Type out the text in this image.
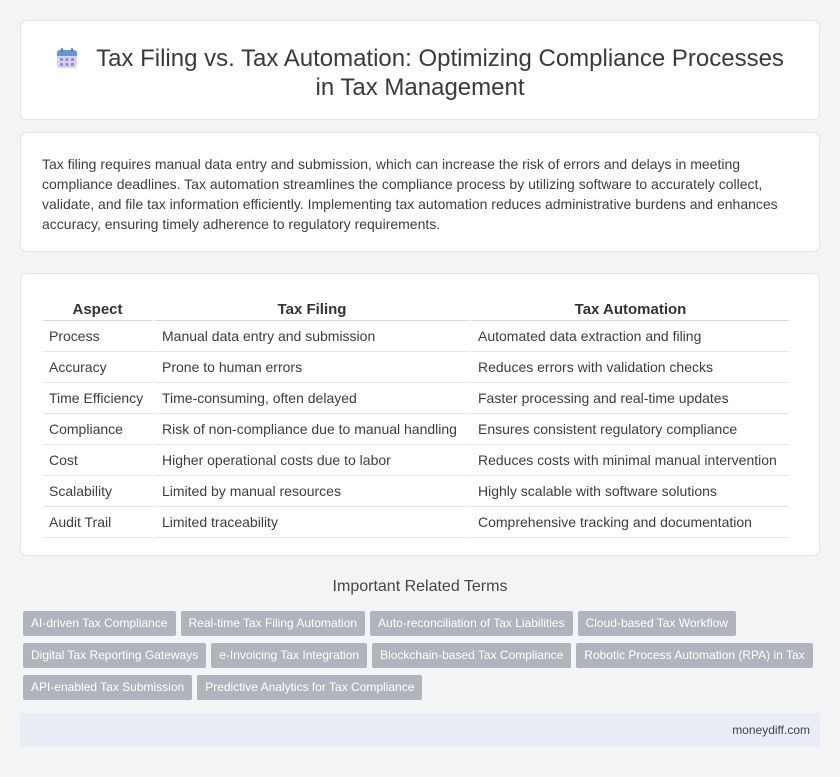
Tax Filing vs. Tax Automation: Optimizing Compliance Processes
in Tax Management

Tax filing requires manual data entry and submission, which can increase the risk of errors and delays in meeting compliance deadlines. Tax automation streamlines the compliance process by utilizing software to accurately collect, validate, and file tax information efficiently. Implementing tax automation reduces administrative burdens and enhances accuracy, ensuring timely adherence to regulatory requirements.

Aspect	Tax Filing	Tax Automation
Process	Manual data entry and submission	Automated data extraction and filing
Accuracy	Prone to human errors	Reduces errors with validation checks
Time Efficiency	Time-consuming, often delayed	Faster processing and real-time updates
Compliance	Risk of non-compliance due to manual handling	Ensures consistent regulatory compliance
Cost	Higher operational costs due to labor	Reduces costs with minimal manual intervention
Scalability	Limited by manual resources	Highly scalable with software solutions
Audit Trail	Limited traceability	Comprehensive tracking and documentation
Important Related Terms
AI-driven Tax Compliance Real-time Tax Filing Automation Auto-reconciliation of Tax Liabilities Cloud-based Tax Workflow
Digital Tax Reporting Gateways e-Invoicing Tax Integration Blockchain-based Tax Compliance Robotic Process Automation (RPA) in Tax
API-enabled Tax Submission Predictive Analytics for Tax Compliance
moneydiff.com
